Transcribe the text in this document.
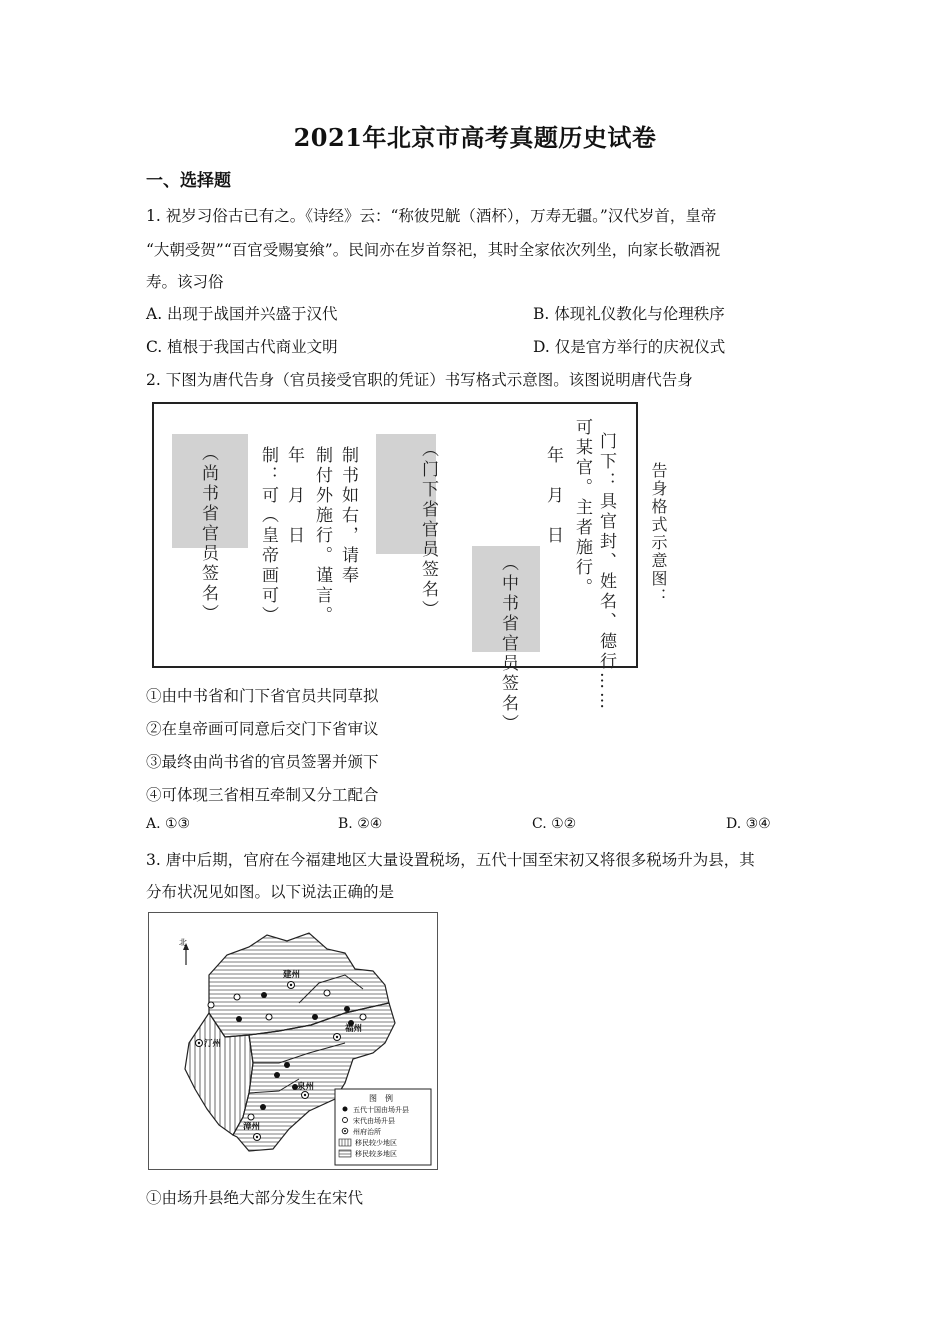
2021年北京市高考真题历史试卷
一、选择题
1. 祝岁习俗古已有之。《诗经》云：“称彼兕觥（酒杯），万寿无疆。”汉代岁首，皇帝
“大朝受贺”“百官受赐宴飨”。民间亦在岁首祭祀，其时全家依次列坐，向家长敬酒祝
寿。该习俗
A. 出现于战国并兴盛于汉代	B. 体现礼仪教化与伦理秩序
C. 植根于我国古代商业文明	D. 仅是官方举行的庆祝仪式
2. 下图为唐代告身（官员接受官职的凭证）书写格式示意图。该图说明唐代告身
门下：具官封、姓名、德行……
可某官。主者施行。
年　月　日
（中书省官员签名）
（门下省官员签名）
制书如右，请奉
制付外施行。谨言。
年　月　日
制：可（皇帝画可）
（尚书省官员签名）	告身格式示意图：
①由中书省和门下省官员共同草拟
②在皇帝画可同意后交门下省审议
③最终由尚书省的官员签署并颁下
④可体现三省相互牵制又分工配合
A. ①③	B. ②④	C. ①②	D. ③④
3. 唐中后期，官府在今福建地区大量设置税场，五代十国至宋初又将很多税场升为县，其
分布状况见如图。以下说法正确的是
北
建州
福州
汀州
泉州
漳州
图　例
五代十国由场升县
宋代由场升县
州府治所
移民较少地区
移民较多地区
①由场升县绝大部分发生在宋代
